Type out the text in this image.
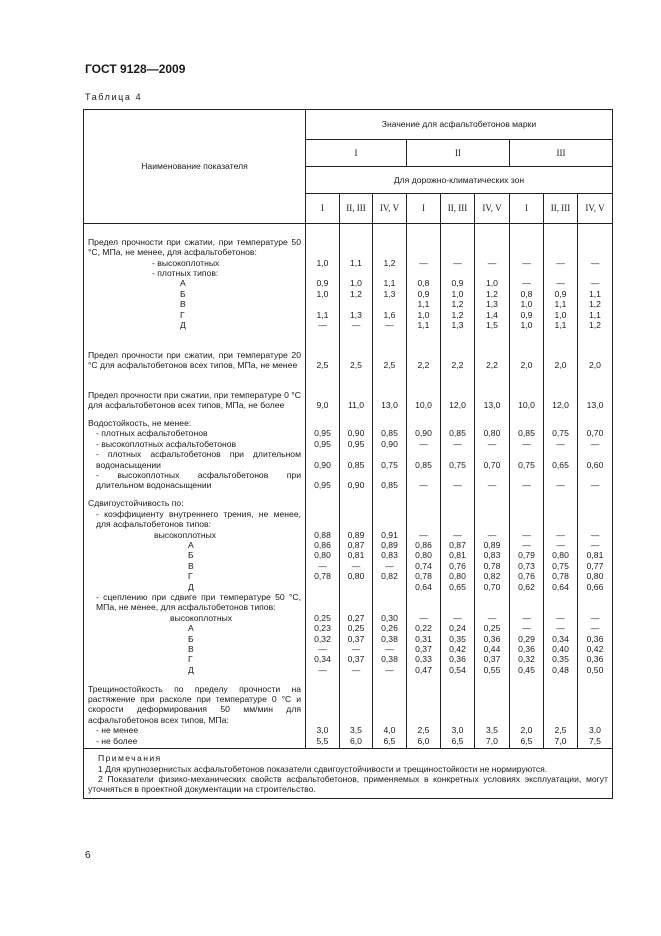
ГОСТ 9128—2009
Таблица 4
Наименование показателя	Значение для асфальтобетонов марки								
	I			II			III		
	Для дорожно-климатических зон								
	I	II, III	IV, V	I	II, III	IV, V	I	II, III	IV, V
Предел прочности при сжатии, при температуре 50 °С, МПа, не менее, для асфальтобетонов:									
- высокоплотных	1,0	1,1	1,2	—	—	—	—	—	—
- плотных типов:									
А	0,9	1,0	1,1	0,8	0,9	1,0	—	—	—
Б	1,0	1,2	1,3	0,9	1,0	1,2	0,8	0,9	1,1
В				1,1	1,2	1,3	1,0	1,1	1,2
Г	1,1	1,3	1,6	1,0	1,2	1,4	0,9	1,0	1,1
Д	—	—	—	1,1	1,3	1,5	1,0	1,1	1,2
Предел прочности при сжатии, при температуре 20 °С для асфальтобетонов всех типов, МПа, не менее	2,5	2,5	2,5	2,2	2,2	2,2	2,0	2,0	2,0
Предел прочности при сжатии, при температуре 0 °С для асфальтобетонов всех типов, МПа, не более	9,0	11,0	13,0	10,0	12,0	13,0	10,0	12,0	13,0
Водостойкость, не менее:									
- плотных асфальтобетонов	0,95	0,90	0,85	0,90	0,85	0,80	0,85	0,75	0,70
- высокоплотных асфальтобетонов	0,95	0,95	0,90	—	—	—	—	—	—
- плотных асфальтобетонов при длительном водонасыщении	0,90	0,85	0,75	0,85	0,75	0,70	0,75	0,65	0,60
- высокоплотных асфальтобетонов при длительном водонасыщении	0,95	0,90	0,85	—	—	—	—	—	—
Сдвигоустойчивость по:									
- коэффициенту внутреннего трения, не менее, для асфальтобетонов типов:									
высокоплотных	0,88	0,89	0,91	—	—	—	—	—	—
А	0,86	0,87	0,89	0,86	0,87	0,89	—	—	—
Б	0,80	0,81	0,83	0,80	0,81	0,83	0,79	0,80	0,81
В	—	—	—	0,74	0,76	0,78	0,73	0,75	0,77
Г	0,78	0,80	0,82	0,78	0,80	0,82	0,76	0,78	0,80
Д				0,64	0,65	0,70	0,62	0,64	0,66
- сцеплению при сдвиге при температуре 50 °С, МПа, не менее, для асфальтобетонов типов:									
высокоплотных	0,25	0,27	0,30	—	—	—	—	—	—
А	0,23	0,25	0,26	0,22	0,24	0,25	—	—	—
Б	0,32	0,37	0,38	0,31	0,35	0,36	0,29	0,34	0,36
В	—	—	—	0,37	0,42	0,44	0,36	0,40	0,42
Г	0,34	0,37	0,38	0,33	0,36	0,37	0,32	0,35	0,36
Д	—	—	—	0,47	0,54	0,55	0,45	0,48	0,50
Трещиностойкость по пределу прочности на растяжение при расколе при температуре 0 °С и скорости деформирования 50 мм/мин для асфальтобетонов всех типов, МПа:									
- не менее	3,0	3,5	4,0	2,5	3,0	3,5	2,0	2,5	3,0
- не более	5,5	6,0	6,5	6,0	6,5	7,0	6,5	7,0	7,5

Примечания
1 Для крупнозернистых асфальтобетонов показатели сдвигоустойчивости и трещиностойкости не нормируются.
2 Показатели физико-механических свойств асфальтобетонов, применяемых в конкретных условиях эксплуатации, могут уточняться в проектной документации на строительство.									
6
